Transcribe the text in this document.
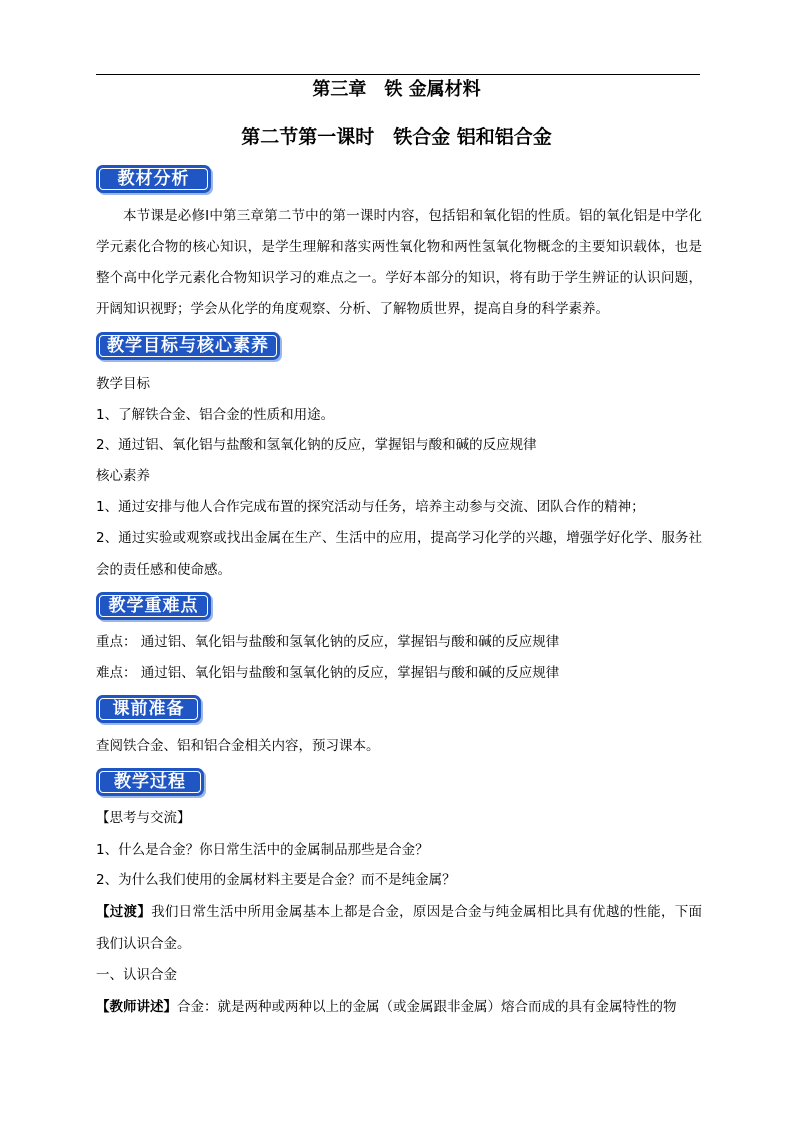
第三章　铁 金属材料
第二节第一课时　铁合金 铝和铝合金
教材分析
本节课是必修Ⅰ中第三章第二节中的第一课时内容，包括铝和氧化铝的性质。铝的氧化铝是中学化学元素化合物的核心知识，是学生理解和落实两性氧化物和两性氢氧化物概念的主要知识载体，也是整个高中化学元素化合物知识学习的难点之一。学好本部分的知识，将有助于学生辨证的认识问题，开阔知识视野；学会从化学的角度观察、分析、了解物质世界，提高自身的科学素养。
教学目标与核心素养
教学目标
1、了解铁合金、铝合金的性质和用途。
2、通过铝、氧化铝与盐酸和氢氧化钠的反应，掌握铝与酸和碱的反应规律
核心素养
1、通过安排与他人合作完成布置的探究活动与任务，培养主动参与交流、团队合作的精神；
2、通过实验或观察或找出金属在生产、生活中的应用，提高学习化学的兴趣，增强学好化学、服务社会的责任感和使命感。
教学重难点
重点： 通过铝、氧化铝与盐酸和氢氧化钠的反应，掌握铝与酸和碱的反应规律
难点： 通过铝、氧化铝与盐酸和氢氧化钠的反应，掌握铝与酸和碱的反应规律
课前准备
查阅铁合金、铝和铝合金相关内容，预习课本。
教学过程
【思考与交流】
1、什么是合金？你日常生活中的金属制品那些是合金？
2、为什么我们使用的金属材料主要是合金？而不是纯金属？
【过渡】我们日常生活中所用金属基本上都是合金，原因是合金与纯金属相比具有优越的性能，下面我们认识合金。
一、认识合金
【教师讲述】合金：就是两种或两种以上的金属（或金属跟非金属）熔合而成的具有金属特性的物
